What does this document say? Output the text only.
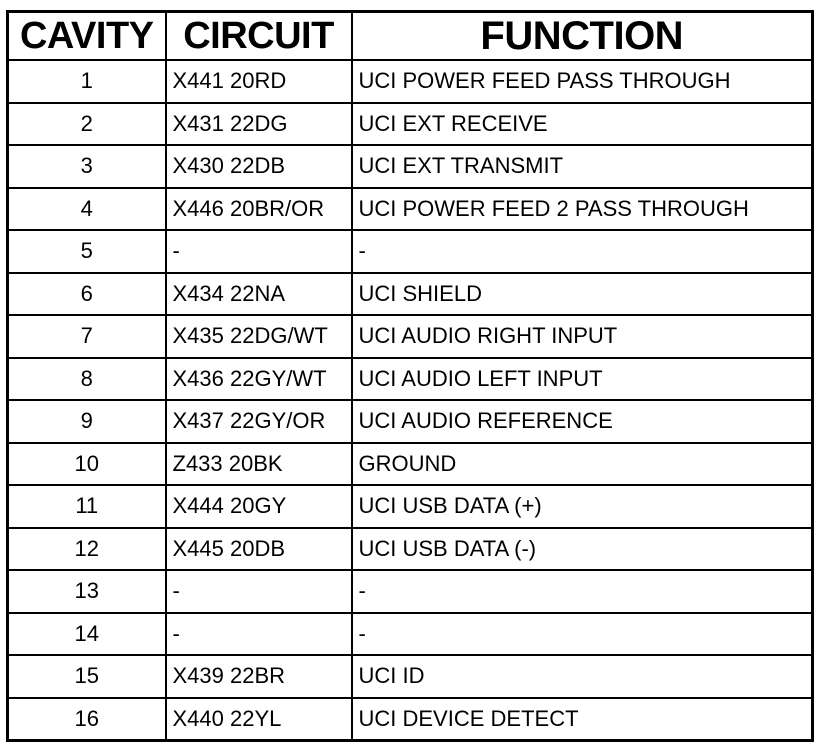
CAVITY	CIRCUIT	FUNCTION
1	X441 20RD	UCI POWER FEED PASS THROUGH
2	X431 22DG	UCI EXT RECEIVE
3	X430 22DB	UCI EXT TRANSMIT
4	X446 20BR/OR	UCI POWER FEED 2 PASS THROUGH
5	-	-
6	X434 22NA	UCI SHIELD
7	X435 22DG/WT	UCI AUDIO RIGHT INPUT
8	X436 22GY/WT	UCI AUDIO LEFT INPUT
9	X437 22GY/OR	UCI AUDIO REFERENCE
10	Z433 20BK	GROUND
11	X444 20GY	UCI USB DATA (+)
12	X445 20DB	UCI USB DATA (-)
13	-	-
14	-	-
15	X439 22BR	UCI ID
16	X440 22YL	UCI DEVICE DETECT
